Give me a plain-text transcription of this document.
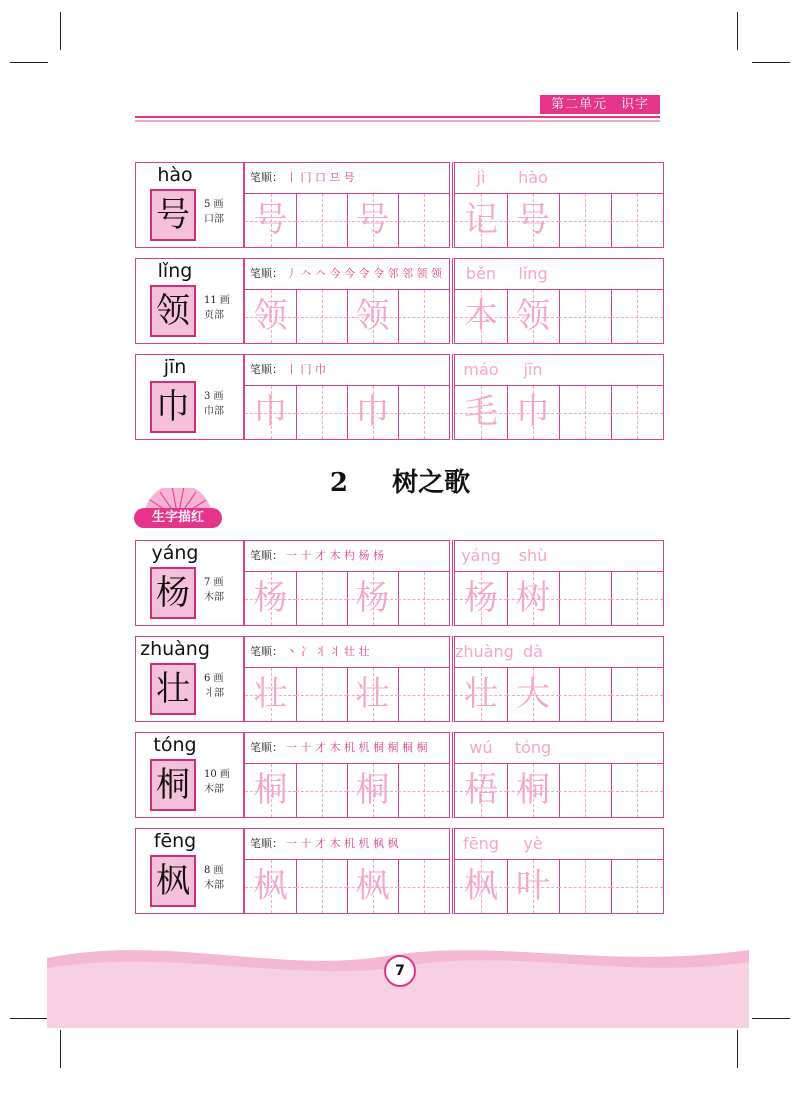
第二单元　识字
hào
号	5 画
口部
笔顺： 丨 冂 口 므 号
号 号
jì	hào
记 号
lǐng
领	11 画
页部
笔顺： 丿 𠆢 𠆢 今 今 令 令 邻 邻 领 领
领 领
běn	lǐng
本 领
jīn
巾	3 画
巾部
笔顺： 丨 冂 巾
巾 巾
máo	jīn
毛 巾
yáng
杨	7 画
木部
笔顺： 一 十 才 木 杓 杨 杨
杨 杨
yáng	shù
杨 树
zhuàng
壮	6 画
丬部
笔顺： 丶 冫 丬 丬 壮 壮
壮 壮
zhuàng dà
壮 大
tóng
桐	10 画
木部
笔顺： 一 十 才 木 机 机 桐 桐 桐 桐
桐 桐
wú	tóng
梧 桐
fēng
枫	8 画
木部
笔顺： 一 十 才 木 机 机 枫 枫
枫 枫
fēng	yè
枫 叶
2 树之歌
生字描红
7
